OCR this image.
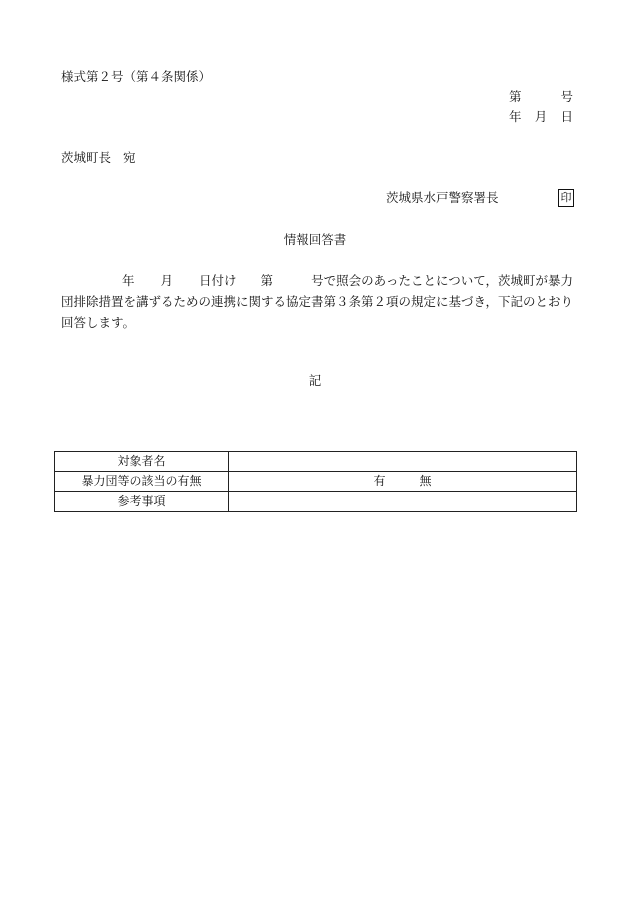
様式第２号（第４条関係）
第	号
年 月 日
茨城町長 宛
茨城県水戸警察署長	印
情報回答書
年 月 日付け 第	号で照会のあったことについて，茨城町が暴力
団排除措置を講ずるための連携に関する協定書第３条第２項の規定に基づき，下記のとおり
回答します。
記
対象者名	
暴力団等の該当の有無	有 無
参考事項	
